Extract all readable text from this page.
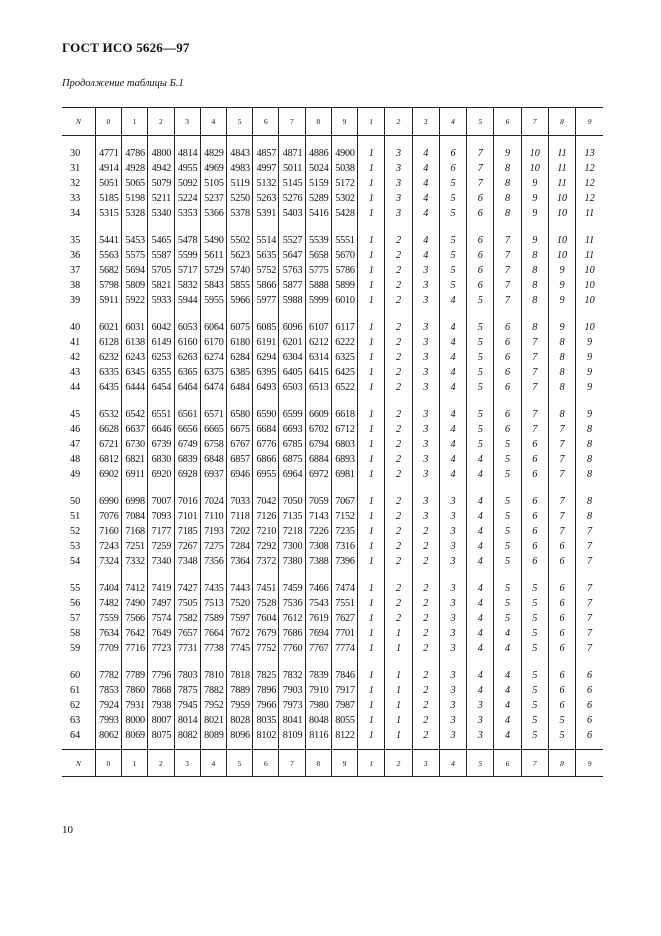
ГОСТ ИСО 5626—97
Продолжение таблицы Б.1
N	0	1	2	3	4	5	6	7	8	9	1	2	3	4	5	6	7	8	9

30	4771	4786	4800	4814	4829	4843	4857	4871	4886	4900	1	3	4	6	7	9	10	11	13
31	4914	4928	4942	4955	4969	4983	4997	5011	5024	5038	1	3	4	6	7	8	10	11	12
32	5051	5065	5079	5092	5105	5119	5132	5145	5159	5172	1	3	4	5	7	8	9	11	12
33	5185	5198	5211	5224	5237	5250	5263	5276	5289	5302	1	3	4	5	6	8	9	10	12
34	5315	5328	5340	5353	5366	5378	5391	5403	5416	5428	1	3	4	5	6	8	9	10	11

35	5441	5453	5465	5478	5490	5502	5514	5527	5539	5551	1	2	4	5	6	7	9	10	11
36	5563	5575	5587	5599	5611	5623	5635	5647	5658	5670	1	2	4	5	6	7	8	10	11
37	5682	5694	5705	5717	5729	5740	5752	5763	5775	5786	1	2	3	5	6	7	8	9	10
38	5798	5809	5821	5832	5843	5855	5866	5877	5888	5899	1	2	3	5	6	7	8	9	10
39	5911	5922	5933	5944	5955	5966	5977	5988	5999	6010	1	2	3	4	5	7	8	9	10

40	6021	6031	6042	6053	6064	6075	6085	6096	6107	6117	1	2	3	4	5	6	8	9	10
41	6128	6138	6149	6160	6170	6180	6191	6201	6212	6222	1	2	3	4	5	6	7	8	9
42	6232	6243	6253	6263	6274	6284	6294	6304	6314	6325	1	2	3	4	5	6	7	8	9
43	6335	6345	6355	6365	6375	6385	6395	6405	6415	6425	1	2	3	4	5	6	7	8	9
44	6435	6444	6454	6464	6474	6484	6493	6503	6513	6522	1	2	3	4	5	6	7	8	9

45	6532	6542	6551	6561	6571	6580	6590	6599	6609	6618	1	2	3	4	5	6	7	8	9
46	6628	6637	6646	6656	6665	6675	6684	6693	6702	6712	1	2	3	4	5	6	7	7	8
47	6721	6730	6739	6749	6758	6767	6776	6785	6794	6803	1	2	3	4	5	5	6	7	8
48	6812	6821	6830	6839	6848	6857	6866	6875	6884	6893	1	2	3	4	4	5	6	7	8
49	6902	6911	6920	6928	6937	6946	6955	6964	6972	6981	1	2	3	4	4	5	6	7	8

50	6990	6998	7007	7016	7024	7033	7042	7050	7059	7067	1	2	3	3	4	5	6	7	8
51	7076	7084	7093	7101	7110	7118	7126	7135	7143	7152	1	2	3	3	4	5	6	7	8
52	7160	7168	7177	7185	7193	7202	7210	7218	7226	7235	1	2	2	3	4	5	6	7	7
53	7243	7251	7259	7267	7275	7284	7292	7300	7308	7316	1	2	2	3	4	5	6	6	7
54	7324	7332	7340	7348	7356	7364	7372	7380	7388	7396	1	2	2	3	4	5	6	6	7

55	7404	7412	7419	7427	7435	7443	7451	7459	7466	7474	1	2	2	3	4	5	5	6	7
56	7482	7490	7497	7505	7513	7520	7528	7536	7543	7551	1	2	2	3	4	5	5	6	7
57	7559	7566	7574	7582	7589	7597	7604	7612	7619	7627	1	2	2	3	4	5	5	6	7
58	7634	7642	7649	7657	7664	7672	7679	7686	7694	7701	1	1	2	3	4	4	5	6	7
59	7709	7716	7723	7731	7738	7745	7752	7760	7767	7774	1	1	2	3	4	4	5	6	7

60	7782	7789	7796	7803	7810	7818	7825	7832	7839	7846	1	1	2	3	4	4	5	6	6
61	7853	7860	7868	7875	7882	7889	7896	7903	7910	7917	1	1	2	3	4	4	5	6	6
62	7924	7931	7938	7945	7952	7959	7966	7973	7980	7987	1	1	2	3	3	4	5	6	6
63	7993	8000	8007	8014	8021	8028	8035	8041	8048	8055	1	1	2	3	3	4	5	5	6
64	8062	8069	8075	8082	8089	8096	8102	8109	8116	8122	1	1	2	3	3	4	5	5	6

N	0	1	2	3	4	5	6	7	8	9	1	2	3	4	5	6	7	8	9
10
